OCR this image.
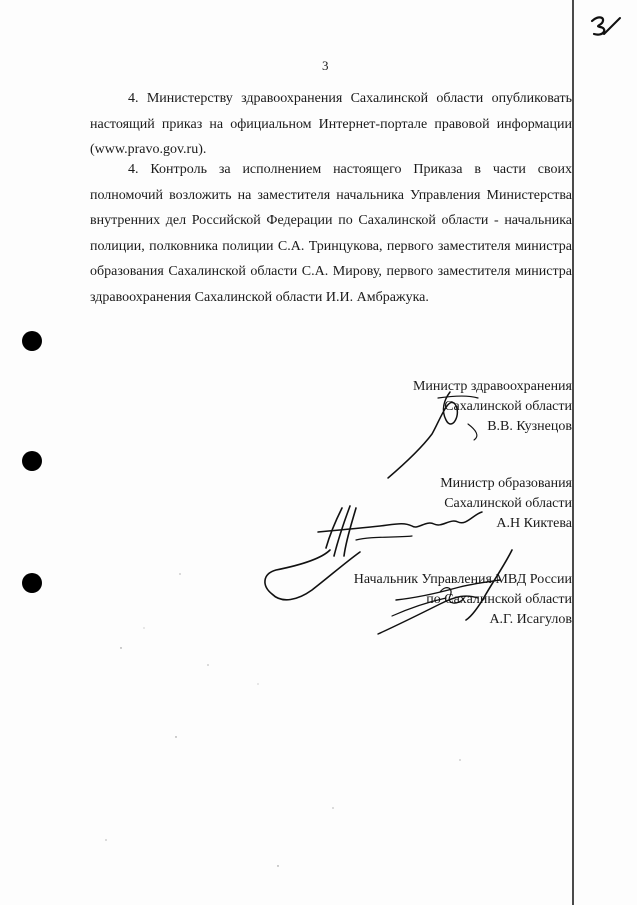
3

4. Министерству здравоохранения Сахалинской области опубликовать настоящий приказ на официальном Интернет-портале правовой информации (www.pravo.gov.ru).

4. Контроль за исполнением настоящего Приказа в части своих

полномочий возложить на заместителя начальника Управления Министерства внутренних дел Российской Федерации по Сахалинской области - начальника полиции, полковника полиции С.А. Тринцукова, первого заместителя министра образования Сахалинской области С.А. Мирову, первого заместителя министра здравоохранения Сахалинской области И.И. Амбражука.

Министр здравоохранения
Сахалинской области
В.В. Кузнецов
Министр образования
Сахалинской области
А.Н Киктева
Начальник Управления МВД России
по Сахалинской области
А.Г. Исагулов
